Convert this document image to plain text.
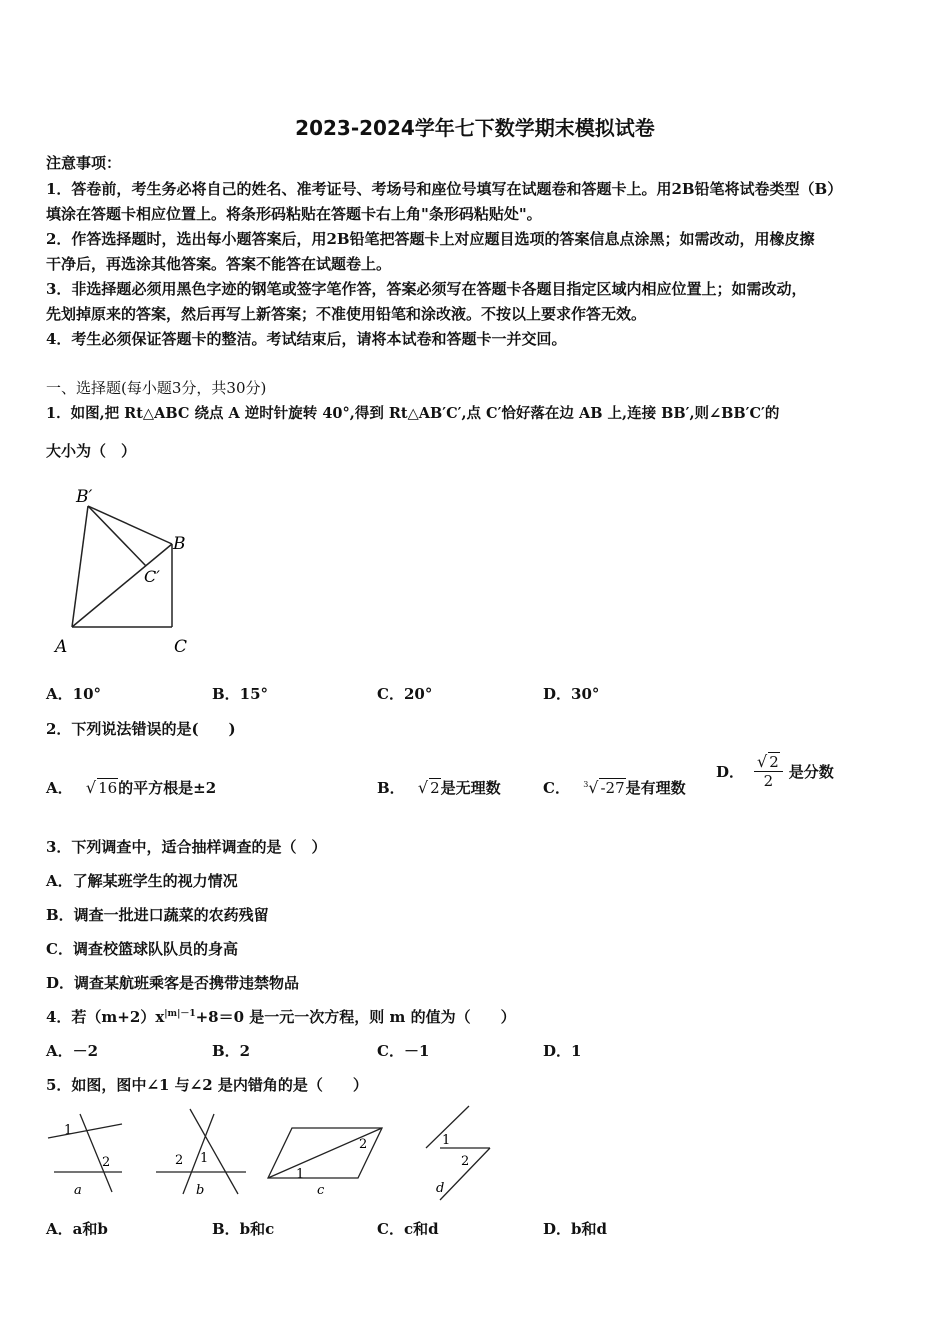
2023-2024学年七下数学期末模拟试卷
注意事项：
1．答卷前，考生务必将自己的姓名、准考证号、考场号和座位号填写在试题卷和答题卡上。用2B铅笔将试卷类型（B）
填涂在答题卡相应位置上。将条形码粘贴在答题卡右上角"条形码粘贴处"。
2．作答选择题时，选出每小题答案后，用2B铅笔把答题卡上对应题目选项的答案信息点涂黑；如需改动，用橡皮擦
干净后，再选涂其他答案。答案不能答在试题卷上。
3．非选择题必须用黑色字迹的钢笔或签字笔作答，答案必须写在答题卡各题目指定区域内相应位置上；如需改动，
先划掉原来的答案，然后再写上新答案；不准使用铅笔和涂改液。不按以上要求作答无效。
4．考生必须保证答题卡的整洁。考试结束后，请将本试卷和答题卡一并交回。
一、选择题(每小题3分，共30分)
1．如图,把 Rt△ABC 绕点 A 逆时针旋转 40°,得到 Rt△AB′C′,点 C′恰好落在边 AB 上,连接 BB′,则∠BB′C′的
大小为（　）
B′
B
C′
A	C
A．10°	B．15°	C．20°	D．30°
2．下列说法错误的是(　　)
A． √ 16的平方根是±2	B． √ 2是无理数	C． $^3$√ -27是有理数
D． $\frac{√ 2}{2}$ 是分数
3．下列调查中，适合抽样调查的是（　）
A．了解某班学生的视力情况
B．调查一批进口蔬菜的农药残留
C．调查校篮球队队员的身高
D．调查某航班乘客是否携带违禁物品
4．若$(m+2)x^{|m|-1}+8=0$ 是一元一次方程，则 m 的值为（　　）
A．－2	B．2	C．－1	D．1
5．如图，图中∠1 与∠2 是内错角的是（　　）
1
2
a
2 1
b
1
2
c
1
2
d
A．a和b	B．b和c	C．c和d	D．b和d
